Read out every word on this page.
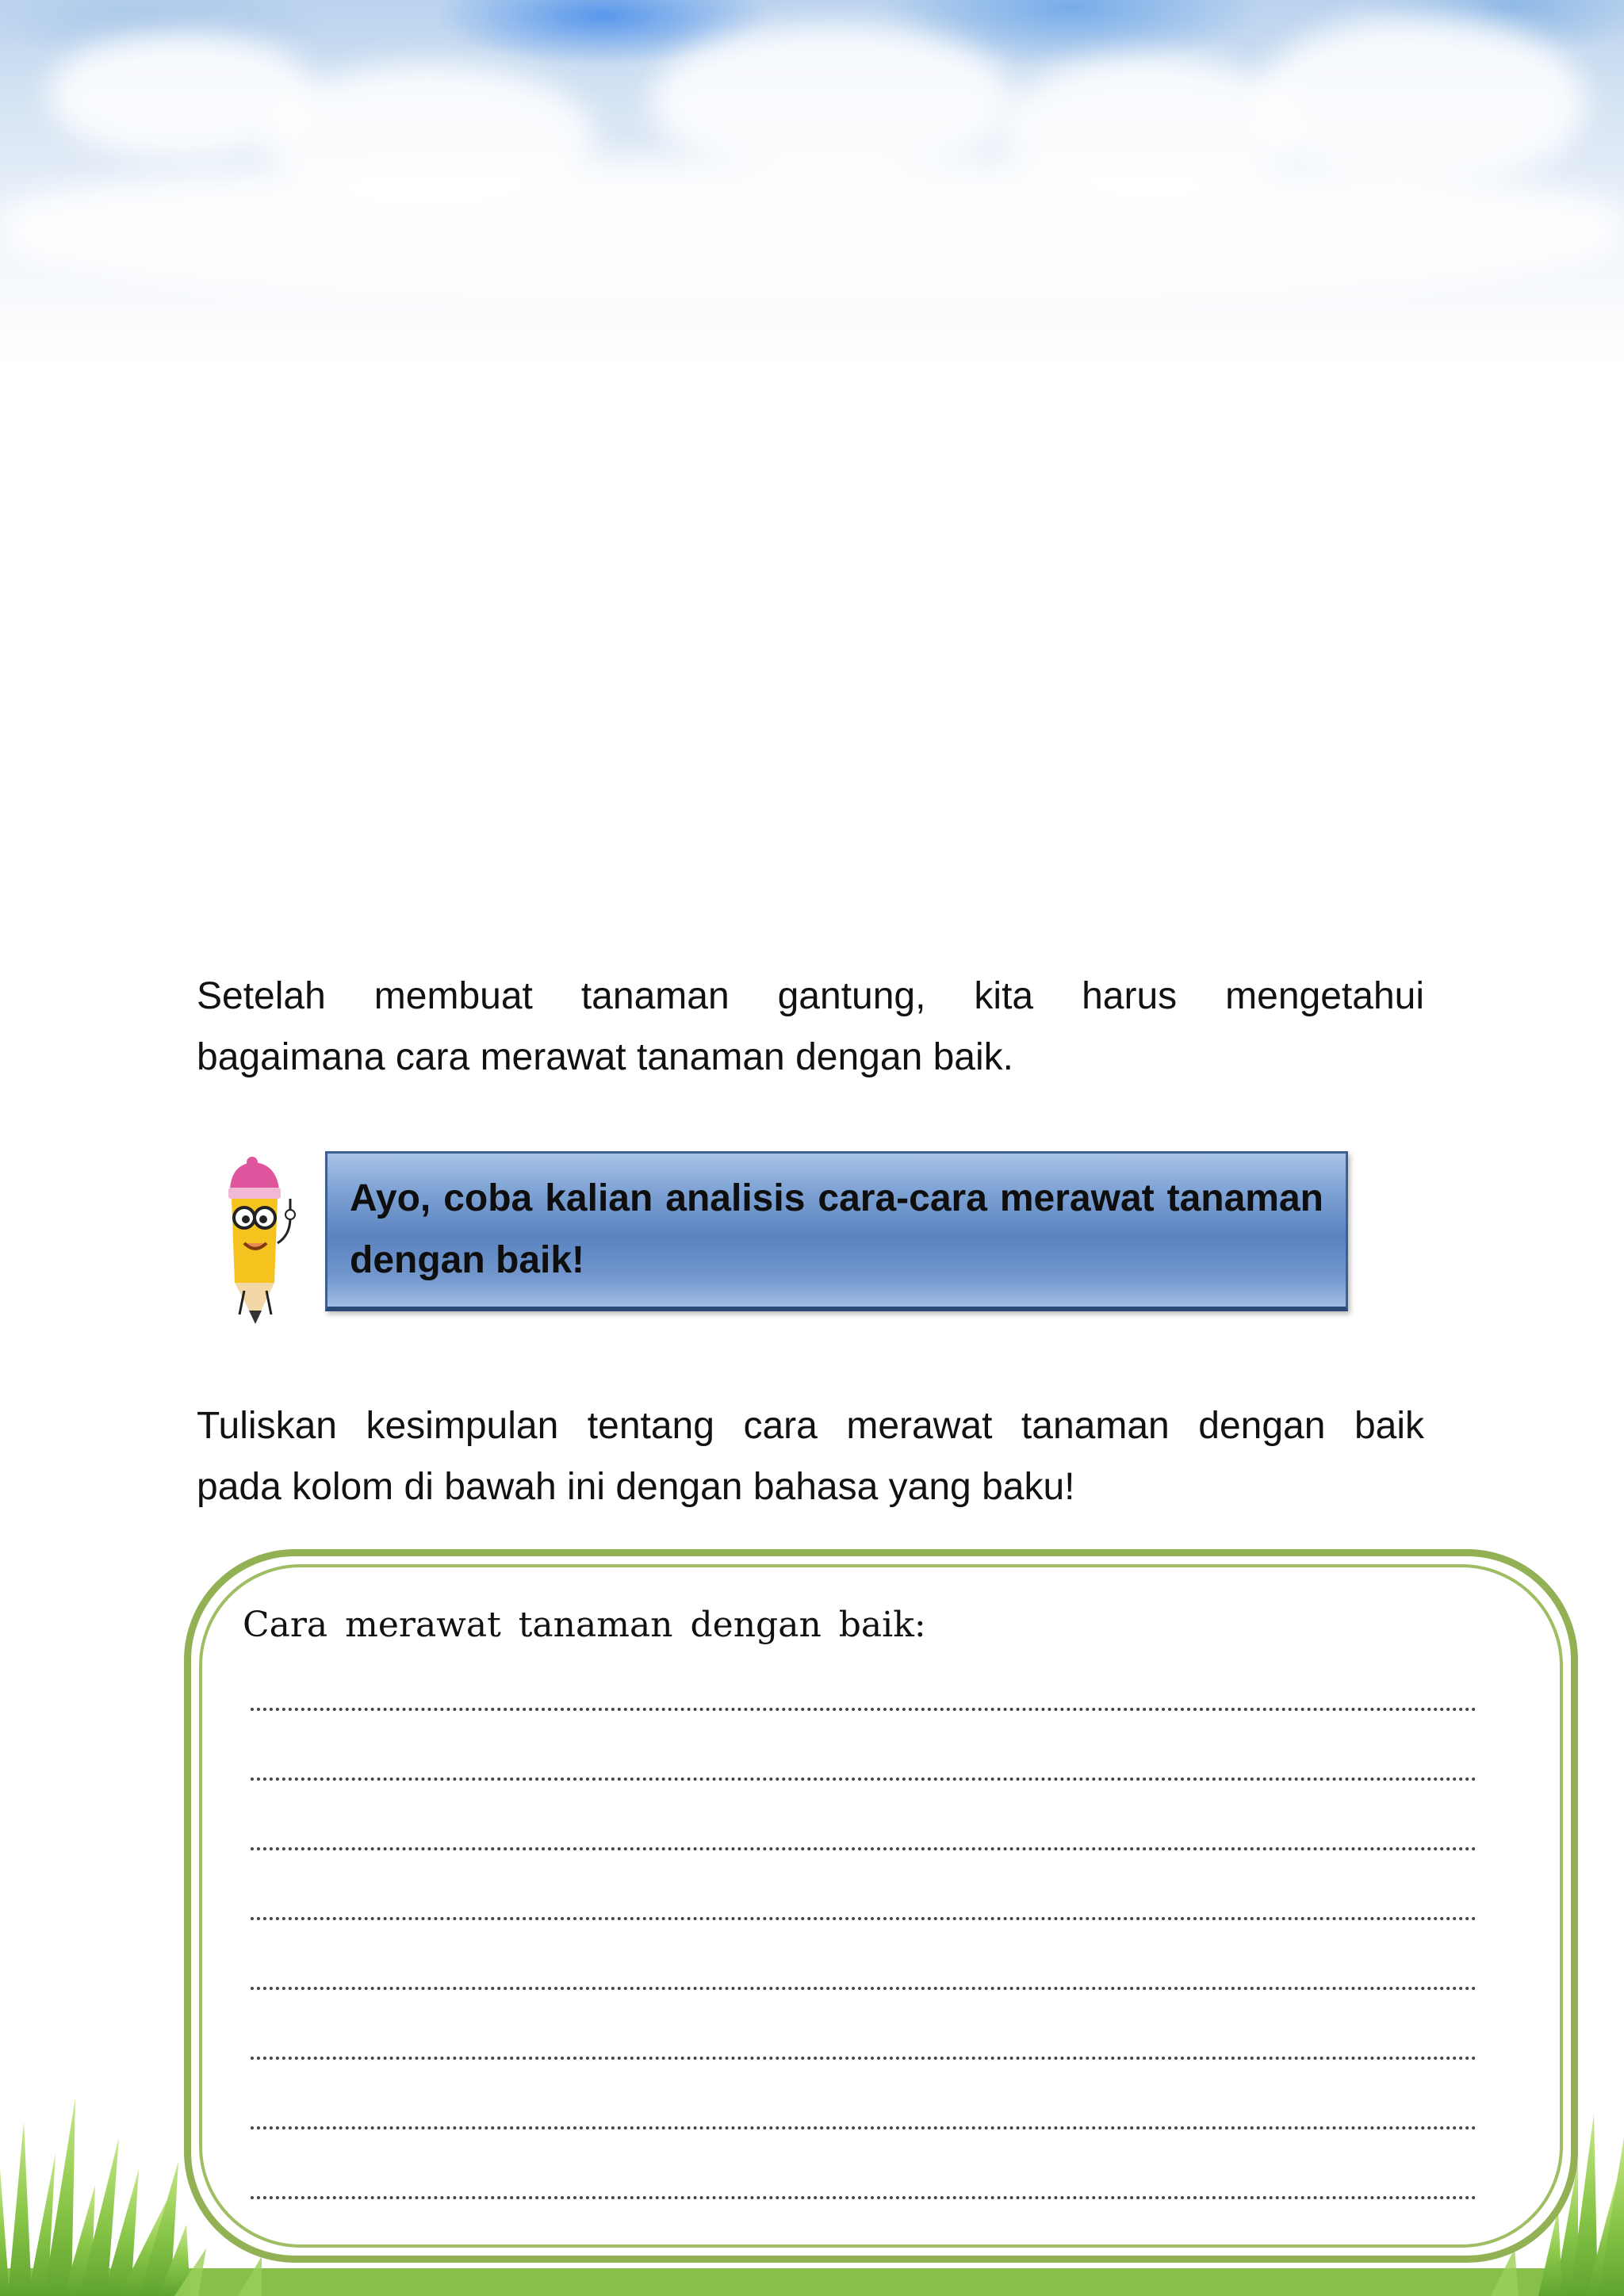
Setelah membuat tanaman gantung, kita harus mengetahui
bagaimana cara merawat tanaman dengan baik.
Ayo, coba kalian analisis cara-cara merawat tanaman
dengan baik!
Tuliskan kesimpulan tentang cara merawat tanaman dengan baik
pada kolom di bawah ini dengan bahasa yang baku!
Cara merawat tanaman dengan baik:
